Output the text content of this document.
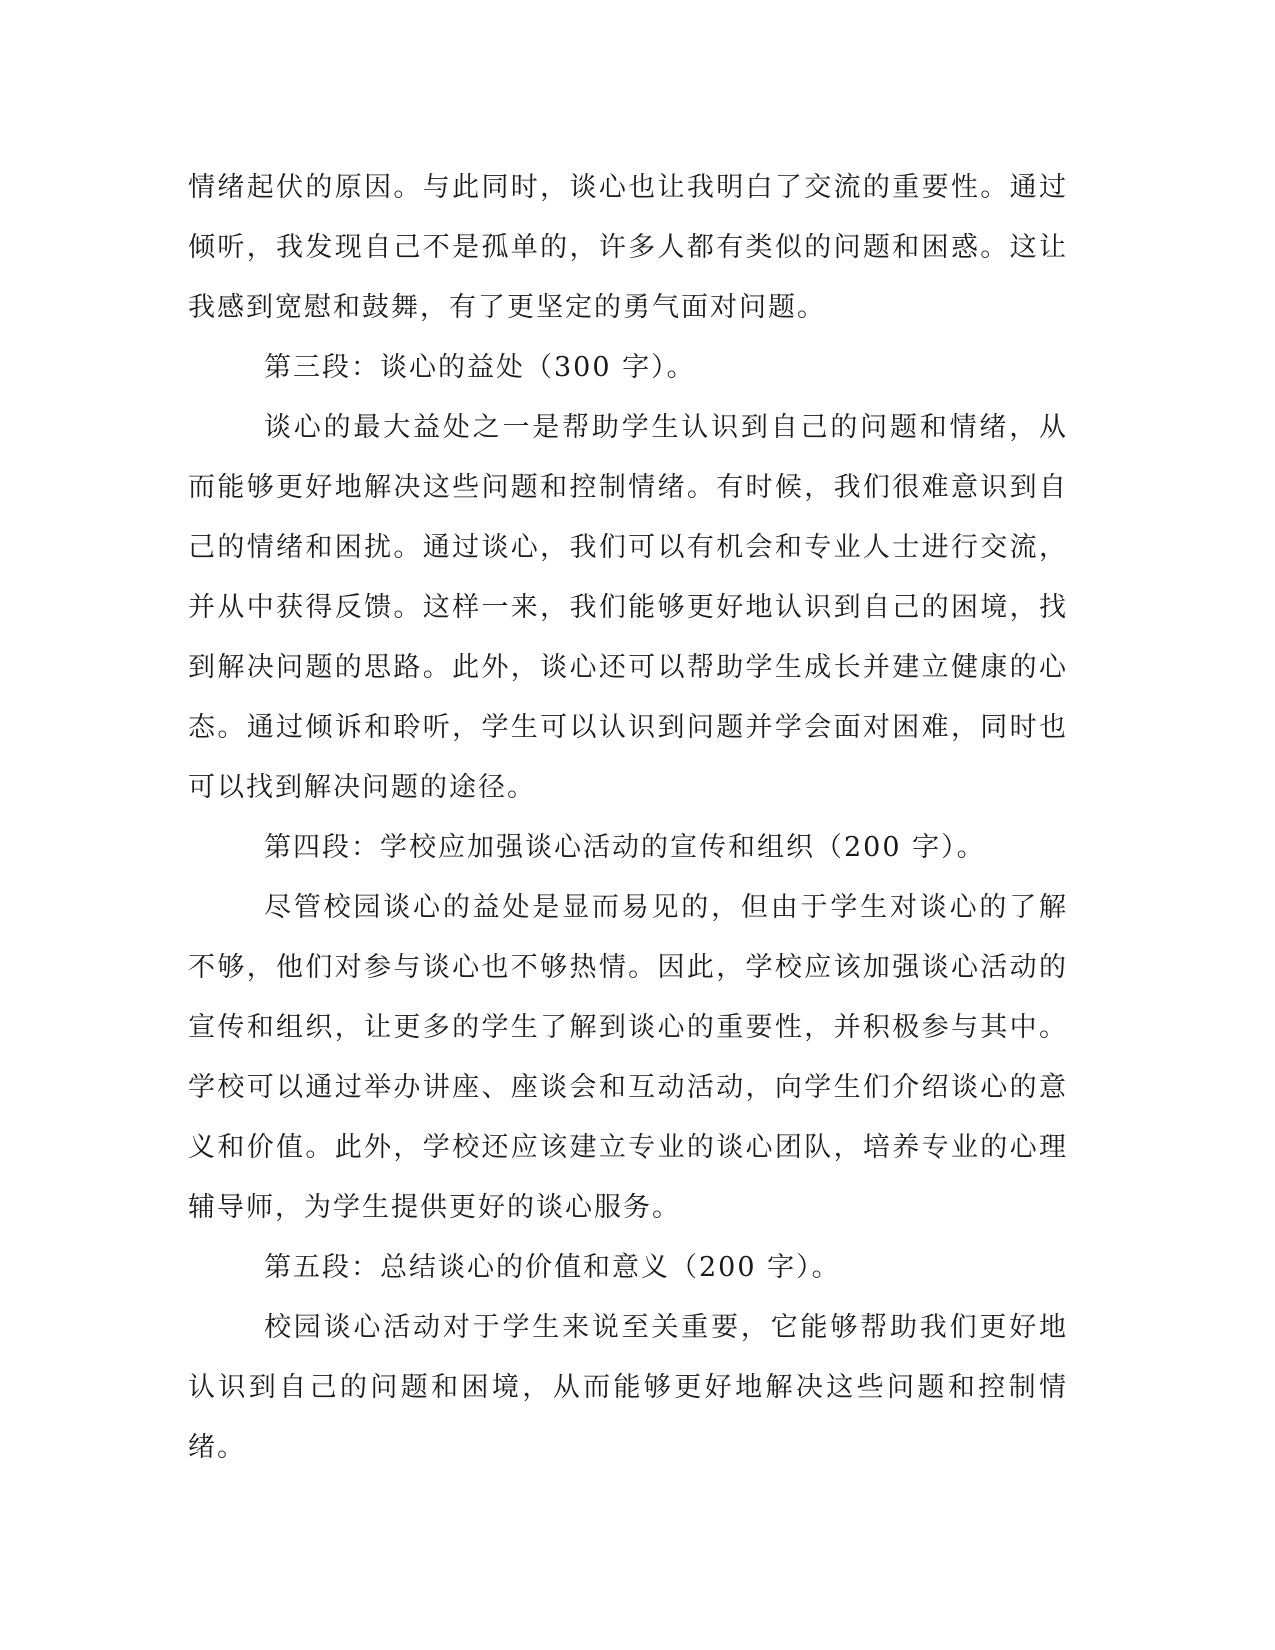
情绪起伏的原因。与此同时，谈心也让我明白了交流的重要性。通过倾听，我发现自己不是孤单的，许多人都有类似的问题和困惑。这让我感到宽慰和鼓舞，有了更坚定的勇气面对问题。

第三段：谈心的益处（300 字）。

谈心的最大益处之一是帮助学生认识到自己的问题和情绪，从而能够更好地解决这些问题和控制情绪。有时候，我们很难意识到自己的情绪和困扰。通过谈心，我们可以有机会和专业人士进行交流，并从中获得反馈。这样一来，我们能够更好地认识到自己的困境，找到解决问题的思路。此外，谈心还可以帮助学生成长并建立健康的心态。通过倾诉和聆听，学生可以认识到问题并学会面对困难，同时也可以找到解决问题的途径。

第四段：学校应加强谈心活动的宣传和组织（200 字）。

尽管校园谈心的益处是显而易见的，但由于学生对谈心的了解不够，他们对参与谈心也不够热情。因此，学校应该加强谈心活动的宣传和组织，让更多的学生了解到谈心的重要性，并积极参与其中。学校可以通过举办讲座、座谈会和互动活动，向学生们介绍谈心的意义和价值。此外，学校还应该建立专业的谈心团队，培养专业的心理辅导师，为学生提供更好的谈心服务。

第五段：总结谈心的价值和意义（200 字）。

校园谈心活动对于学生来说至关重要，它能够帮助我们更好地认识到自己的问题和困境，从而能够更好地解决这些问题和控制情绪。
